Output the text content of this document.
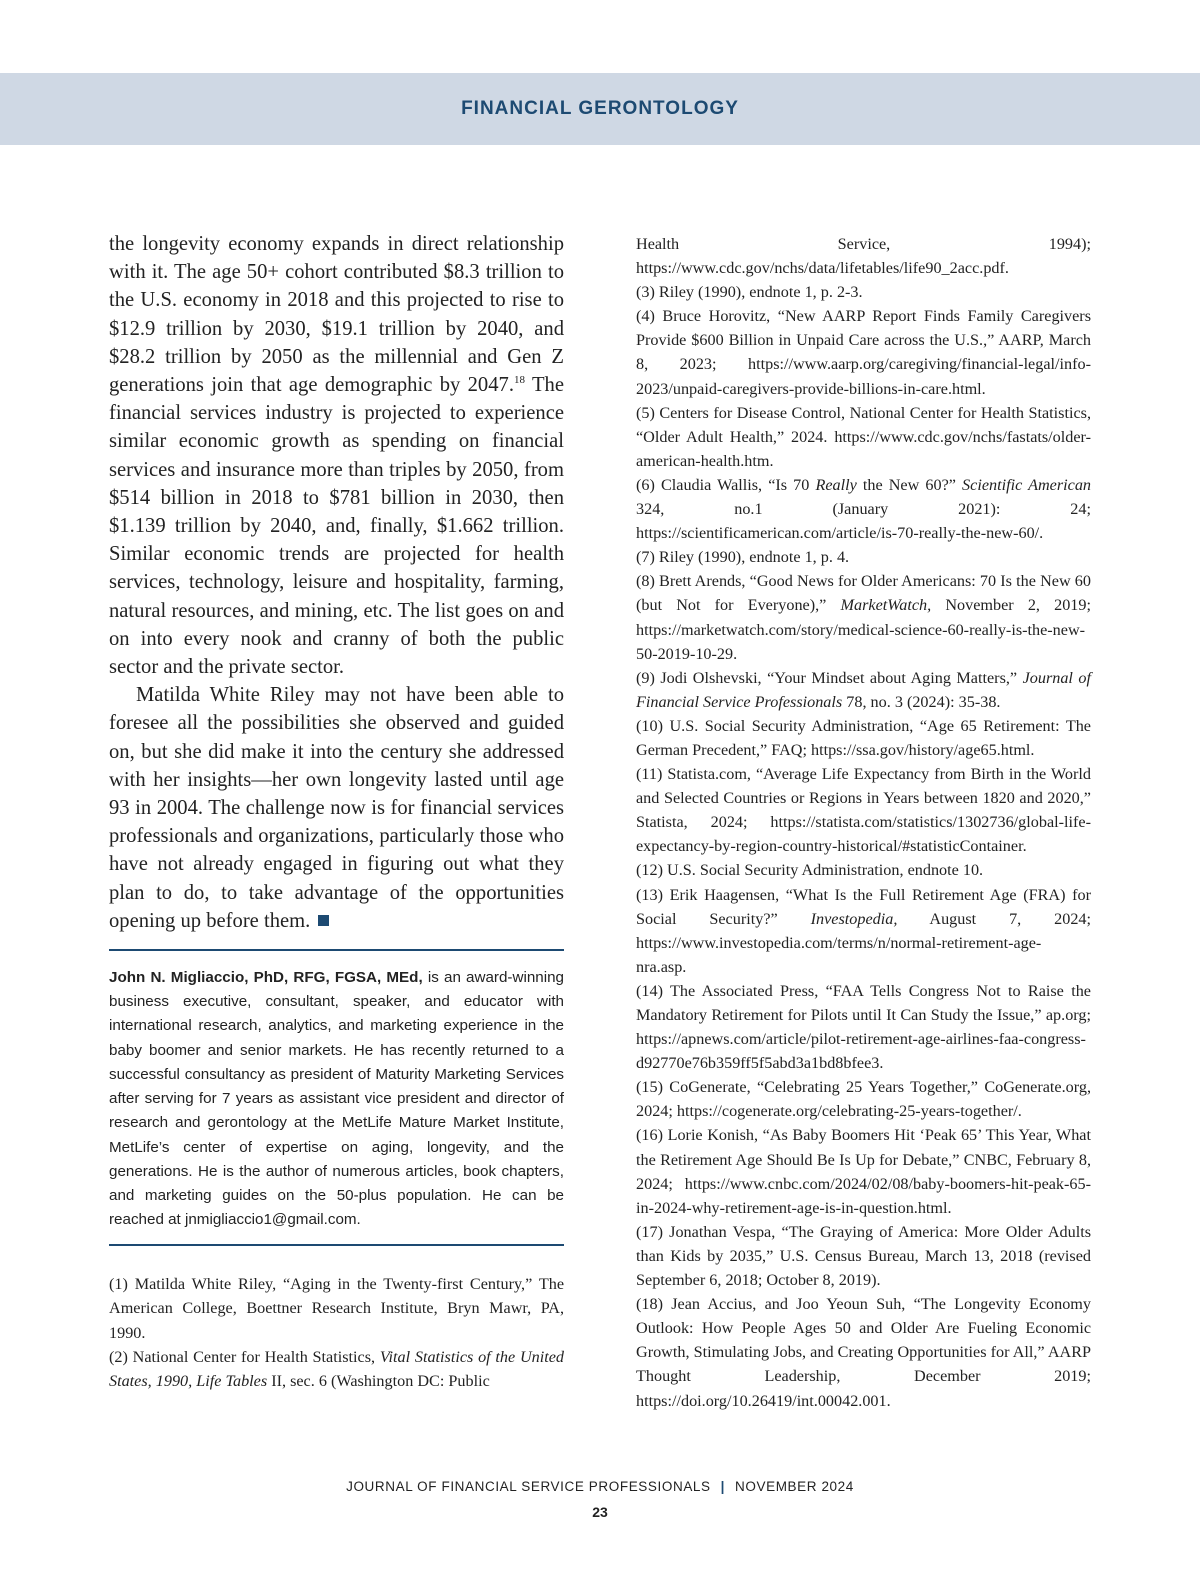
FINANCIAL GERONTOLOGY

the longevity economy expands in direct relationship with it. The age 50+ cohort contributed $8.3 trillion to the U.S. economy in 2018 and this projected to rise to $12.9 trillion by 2030, $19.1 trillion by 2040, and $28.2 trillion by 2050 as the millennial and Gen Z generations join that age demographic by 2047.18 The financial services industry is projected to experience similar economic growth as spending on financial services and insurance more than triples by 2050, from $514 billion in 2018 to $781 billion in 2030, then $1.139 trillion by 2040, and, finally, $1.662 trillion. Similar economic trends are projected for health services, technology, leisure and hospitality, farming, natural resources, and mining, etc. The list goes on and on into every nook and cranny of both the public sector and the private sector.

Matilda White Riley may not have been able to foresee all the possibilities she observed and guided on, but she did make it into the century she addressed with her insights—her own longevity lasted until age 93 in 2004. The challenge now is for financial services professionals and organizations, particularly those who have not already engaged in figuring out what they plan to do, to take advantage of the opportunities opening up before them.

John N. Migliaccio, PhD, RFG, FGSA, MEd, is an award-winning business executive, consultant, speaker, and educator with international research, analytics, and marketing experience in the baby boomer and senior markets. He has recently returned to a successful consultancy as president of Maturity Marketing Services after serving for 7 years as assistant vice president and director of research and gerontology at the MetLife Mature Market Institute, MetLife’s center of expertise on aging, longevity, and the generations. He is the author of numerous articles, book chapters, and marketing guides on the 50-plus population. He can be reached at jnmigliaccio1@gmail.com.

(1) Matilda White Riley, “Aging in the Twenty-first Century,” The American College, Boettner Research Institute, Bryn Mawr, PA, 1990.

(2) National Center for Health Statistics, Vital Statistics of the United States, 1990, Life Tables II, sec. 6 (Washington DC: Public

Health Service, 1994); https://www.cdc.gov/nchs/data/lifetables/life90_2acc.pdf.

(3) Riley (1990), endnote 1, p. 2-3.

(4) Bruce Horovitz, “New AARP Report Finds Family Caregivers Provide $600 Billion in Unpaid Care across the U.S.,” AARP, March 8, 2023; https://www.aarp.org/caregiving/financial-legal/info-2023/unpaid-caregivers-provide-billions-in-care.html.

(5) Centers for Disease Control, National Center for Health Statistics, “Older Adult Health,” 2024. https://www.cdc.gov/nchs/fastats/older-american-health.htm.

(6) Claudia Wallis, “Is 70 Really the New 60?” Scientific American 324, no.1 (January 2021): 24; https://scientificamerican.com/article/is-70-really-the-new-60/.

(7) Riley (1990), endnote 1, p. 4.

(8) Brett Arends, “Good News for Older Americans: 70 Is the New 60 (but Not for Everyone),” MarketWatch, November 2, 2019; https://marketwatch.com/story/medical-science-60-really-is-the-new-50-2019-10-29.

(9) Jodi Olshevski, “Your Mindset about Aging Matters,” Journal of Financial Service Professionals 78, no. 3 (2024): 35-38.

(10) U.S. Social Security Administration, “Age 65 Retirement: The German Precedent,” FAQ; https://ssa.gov/history/age65.html.

(11) Statista.com, “Average Life Expectancy from Birth in the World and Selected Countries or Regions in Years between 1820 and 2020,” Statista, 2024; https://statista.com/statistics/1302736/global-life-expectancy-by-region-country-historical/#statisticContainer.

(12) U.S. Social Security Administration, endnote 10.

(13) Erik Haagensen, “What Is the Full Retirement Age (FRA) for Social Security?” Investopedia, August 7, 2024; https://www.investopedia.com/terms/n/normal-retirement-age-nra.asp.

(14) The Associated Press, “FAA Tells Congress Not to Raise the Mandatory Retirement for Pilots until It Can Study the Issue,” ap.org; https://apnews.com/article/pilot-retirement-age-airlines-faa-congress-d92770e76b359ff5f5abd3a1bd8bfee3.

(15) CoGenerate, “Celebrating 25 Years Together,” CoGenerate.org, 2024; https://cogenerate.org/celebrating-25-years-together/.

(16) Lorie Konish, “As Baby Boomers Hit ‘Peak 65’ This Year, What the Retirement Age Should Be Is Up for Debate,” CNBC, February 8, 2024; https://www.cnbc.com/2024/02/08/baby-boomers-hit-peak-65-in-2024-why-retirement-age-is-in-question.html.

(17) Jonathan Vespa, “The Graying of America: More Older Adults than Kids by 2035,” U.S. Census Bureau, March 13, 2018 (revised September 6, 2018; October 8, 2019).

(18) Jean Accius, and Joo Yeoun Suh, “The Longevity Economy Outlook: How People Ages 50 and Older Are Fueling Economic Growth, Stimulating Jobs, and Creating Opportunities for All,” AARP Thought Leadership, December 2019; https://doi.org/10.26419/int.00042.001.

JOURNAL OF FINANCIAL SERVICE PROFESSIONALS | NOVEMBER 2024
23
